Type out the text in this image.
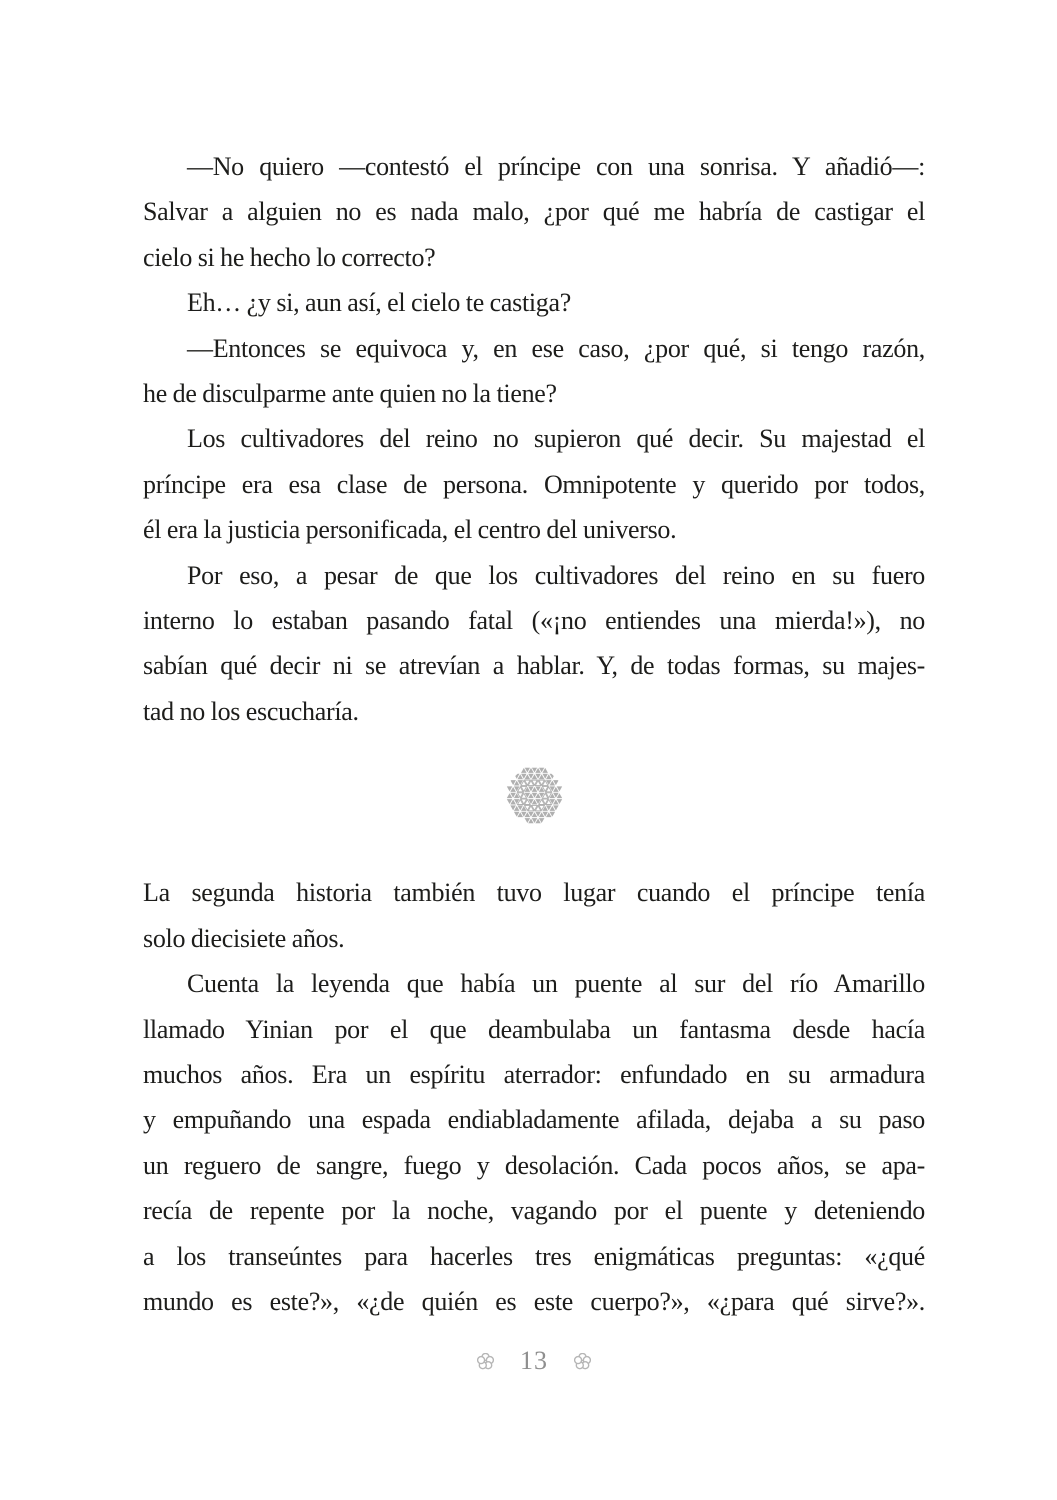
—No quiero —contestó el príncipe con una sonrisa. Y añadió—:
Salvar a alguien no es nada malo, ¿por qué me habría de castigar el
cielo si he hecho lo correcto?

Eh… ¿y si, aun así, el cielo te castiga?

—Entonces se equivoca y, en ese caso, ¿por qué, si tengo razón,
he de disculparme ante quien no la tiene?

Los cultivadores del reino no supieron qué decir. Su majestad el
príncipe era esa clase de persona. Omnipotente y querido por todos,
él era la justicia personificada, el centro del universo.

Por eso, a pesar de que los cultivadores del reino en su fuero
interno lo estaban pasando fatal («¡no entiendes una mierda!»), no
sabían qué decir ni se atrevían a hablar. Y, de todas formas, su majes-
tad no los escucharía.

La segunda historia también tuvo lugar cuando el príncipe tenía
solo diecisiete años.

Cuenta la leyenda que había un puente al sur del río Amarillo
llamado Yinian por el que deambulaba un fantasma desde hacía
muchos años. Era un espíritu aterrador: enfundado en su armadura
y empuñando una espada endiabladamente afilada, dejaba a su paso
un reguero de sangre, fuego y desolación. Cada pocos años, se apa-
recía de repente por la noche, vagando por el puente y deteniendo
a los transeúntes para hacerles tres enigmáticas preguntas: «¿qué
mundo es este?», «¿de quién es este cuerpo?», «¿para qué sirve?».

13
